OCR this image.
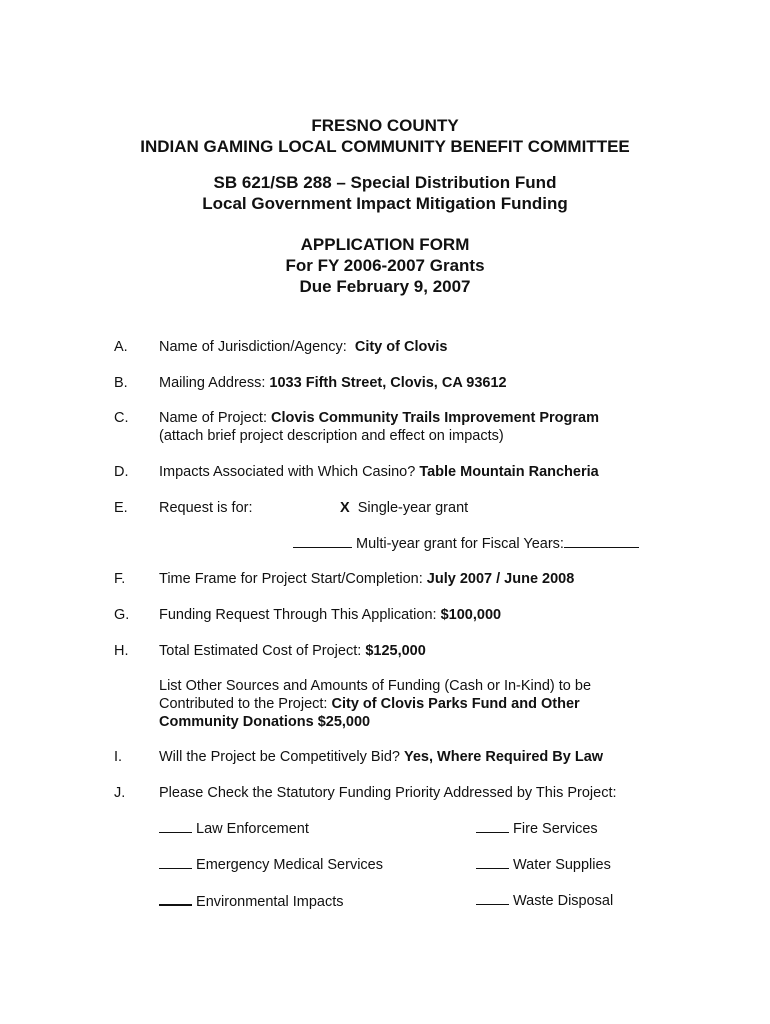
FRESNO COUNTY
INDIAN GAMING LOCAL COMMUNITY BENEFIT COMMITTEE
SB 621/SB 288 – Special Distribution Fund
Local Government Impact Mitigation Funding
APPLICATION FORM
For FY 2006-2007 Grants
Due February 9, 2007
A. Name of Jurisdiction/Agency: City of Clovis
B. Mailing Address: 1033 Fifth Street, Clovis, CA 93612
C. Name of Project: Clovis Community Trails Improvement Program
(attach brief project description and effect on impacts)
D. Impacts Associated with Which Casino? Table Mountain Rancheria
E. Request is for:	X Single-year grant
Multi-year grant for Fiscal Years:
F. Time Frame for Project Start/Completion: July 2007 / June 2008
G. Funding Request Through This Application: $100,000
H. Total Estimated Cost of Project: $125,000
List Other Sources and Amounts of Funding (Cash or In-Kind) to be
Contributed to the Project: City of Clovis Parks Fund and Other
Community Donations $25,000
I.	Will the Project be Competitively Bid? Yes, Where Required By Law
J. Please Check the Statutory Funding Priority Addressed by This Project:
Law Enforcement	Fire Services
Emergency Medical Services	Water Supplies
Environmental Impacts	Waste Disposal
